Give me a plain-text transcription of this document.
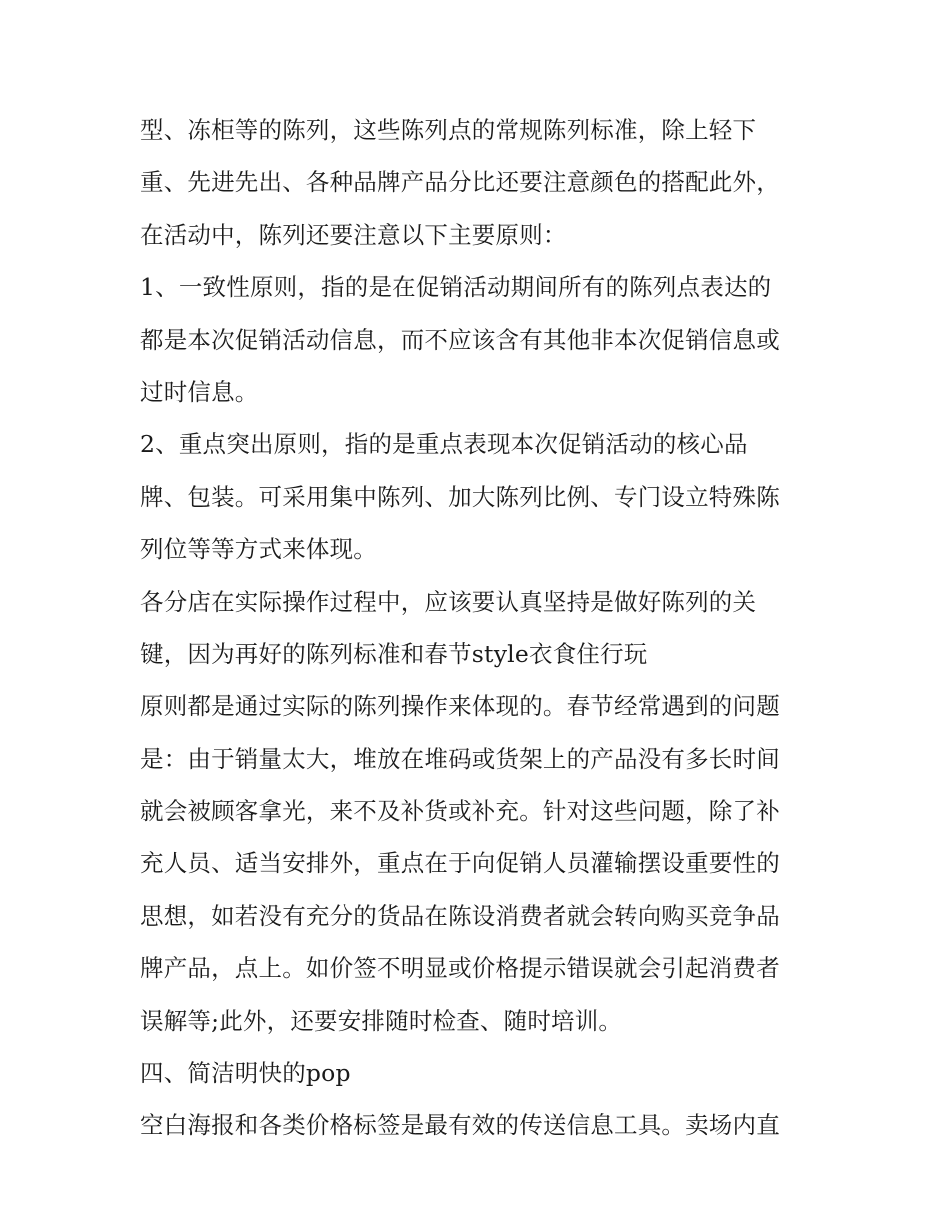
型、冻柜等的陈列，这些陈列点的常规陈列标准，除上轻下
重、先进先出、各种品牌产品分比还要注意颜色的搭配此外，
在活动中，陈列还要注意以下主要原则：
1、一致性原则，指的是在促销活动期间所有的陈列点表达的
都是本次促销活动信息，而不应该含有其他非本次促销信息或
过时信息。
2、重点突出原则，指的是重点表现本次促销活动的核心品
牌、包装。可采用集中陈列、加大陈列比例、专门设立特殊陈
列位等等方式来体现。
各分店在实际操作过程中，应该要认真坚持是做好陈列的关
键，因为再好的陈列标准和春节style衣食住行玩
原则都是通过实际的陈列操作来体现的。春节经常遇到的问题
是：由于销量太大，堆放在堆码或货架上的产品没有多长时间
就会被顾客拿光，来不及补货或补充。针对这些问题，除了补
充人员、适当安排外，重点在于向促销人员灌输摆设重要性的
思想，如若没有充分的货品在陈设消费者就会转向购买竞争品
牌产品，点上。如价签不明显或价格提示错误就会引起消费者
误解等;此外，还要安排随时检查、随时培训。
四、简洁明快的pop
空白海报和各类价格标签是最有效的传送信息工具。卖场内直
